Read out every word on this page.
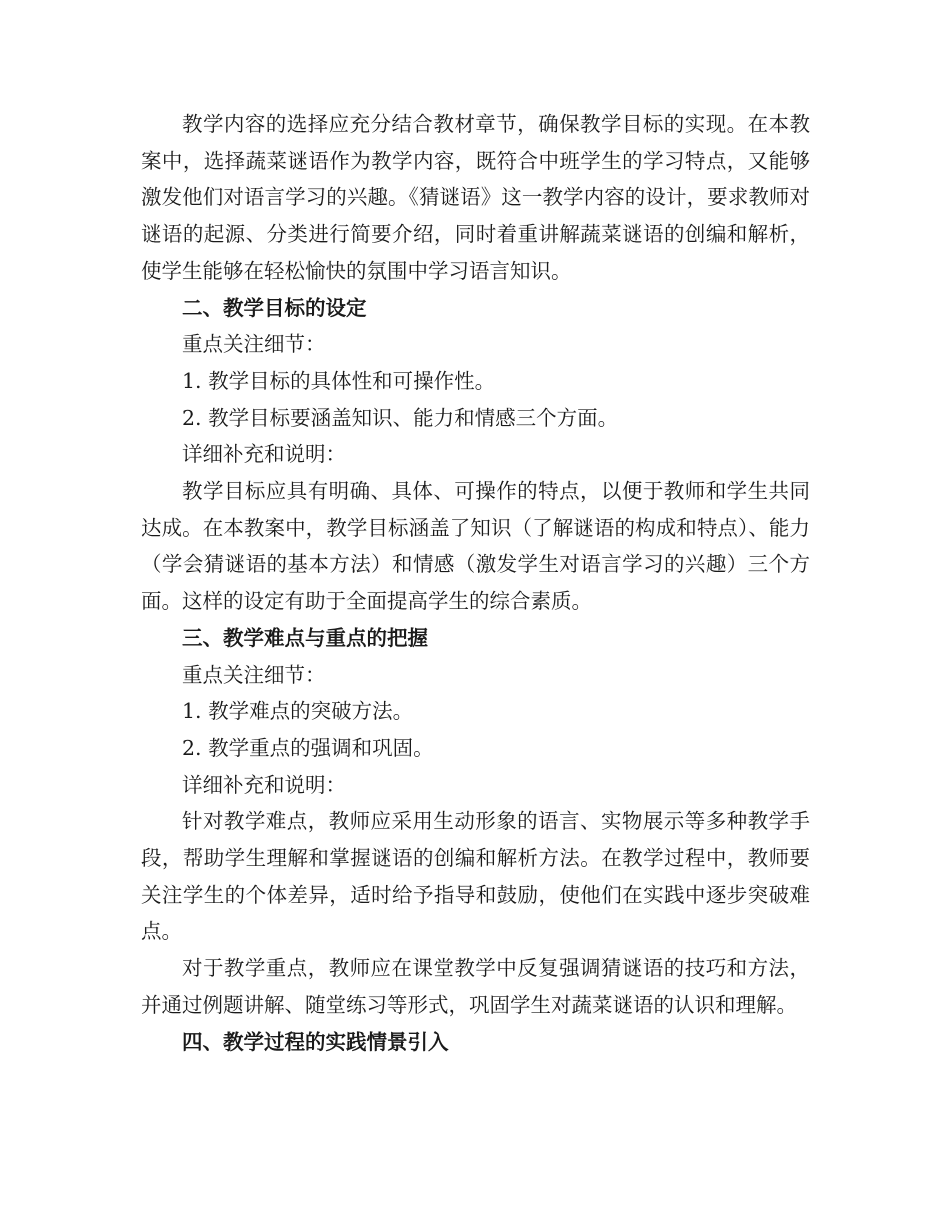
教学内容的选择应充分结合教材章节，确保教学目标的实现。在本教案中，选择蔬菜谜语作为教学内容，既符合中班学生的学习特点，又能够激发他们对语言学习的兴趣。《猜谜语》这一教学内容的设计，要求教师对谜语的起源、分类进行简要介绍，同时着重讲解蔬菜谜语的创编和解析，使学生能够在轻松愉快的氛围中学习语言知识。

二、教学目标的设定

重点关注细节：

1. 教学目标的具体性和可操作性。

2. 教学目标要涵盖知识、能力和情感三个方面。

详细补充和说明：

教学目标应具有明确、具体、可操作的特点，以便于教师和学生共同达成。在本教案中，教学目标涵盖了知识（了解谜语的构成和特点）、能力（学会猜谜语的基本方法）和情感（激发学生对语言学习的兴趣）三个方面。这样的设定有助于全面提高学生的综合素质。

三、教学难点与重点的把握

重点关注细节：

1. 教学难点的突破方法。

2. 教学重点的强调和巩固。

详细补充和说明：

针对教学难点，教师应采用生动形象的语言、实物展示等多种教学手段，帮助学生理解和掌握谜语的创编和解析方法。在教学过程中，教师要关注学生的个体差异，适时给予指导和鼓励，使他们在实践中逐步突破难点。

对于教学重点，教师应在课堂教学中反复强调猜谜语的技巧和方法，并通过例题讲解、随堂练习等形式，巩固学生对蔬菜谜语的认识和理解。

四、教学过程的实践情景引入
